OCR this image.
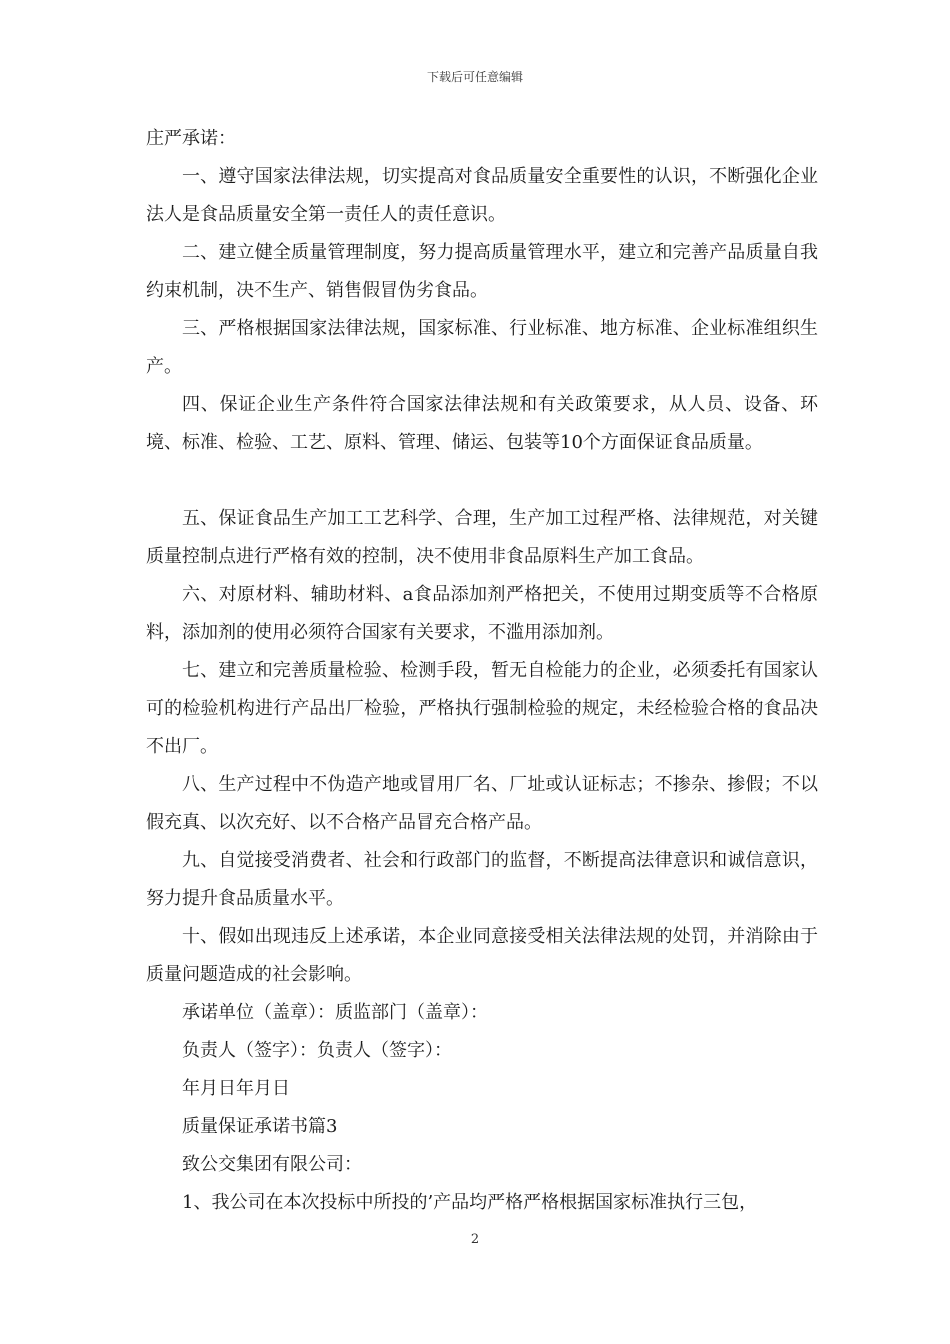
下载后可任意编辑

庄严承诺：

一、遵守国家法律法规，切实提高对食品质量安全重要性的认识，不断强化企业法人是食品质量安全第一责任人的责任意识。

二、建立健全质量管理制度，努力提高质量管理水平，建立和完善产品质量自我约束机制，决不生产、销售假冒伪劣食品。

三、严格根据国家法律法规，国家标准、行业标准、地方标准、企业标准组织生产。

四、保证企业生产条件符合国家法律法规和有关政策要求，从人员、设备、环境、标准、检验、工艺、原料、管理、储运、包装等10个方面保证食品质量。

五、保证食品生产加工工艺科学、合理，生产加工过程严格、法律规范，对关键质量控制点进行严格有效的控制，决不使用非食品原料生产加工食品。

六、对原材料、辅助材料、a食品添加剂严格把关，不使用过期变质等不合格原料，添加剂的使用必须符合国家有关要求，不滥用添加剂。

七、建立和完善质量检验、检测手段，暂无自检能力的企业，必须委托有国家认可的检验机构进行产品出厂检验，严格执行强制检验的规定，未经检验合格的食品决不出厂。

八、生产过程中不伪造产地或冒用厂名、厂址或认证标志；不掺杂、掺假；不以假充真、以次充好、以不合格产品冒充合格产品。

九、自觉接受消费者、社会和行政部门的监督，不断提高法律意识和诚信意识，努力提升食品质量水平。

十、假如出现违反上述承诺，本企业同意接受相关法律法规的处罚，并消除由于质量问题造成的社会影响。

承诺单位（盖章）：质监部门（盖章）：

负责人（签字）：负责人（签字）：

年月日年月日

质量保证承诺书篇3

致公交集团有限公司：

1、我公司在本次投标中所投的’产品均严格严格根据国家标准执行三包，

2
